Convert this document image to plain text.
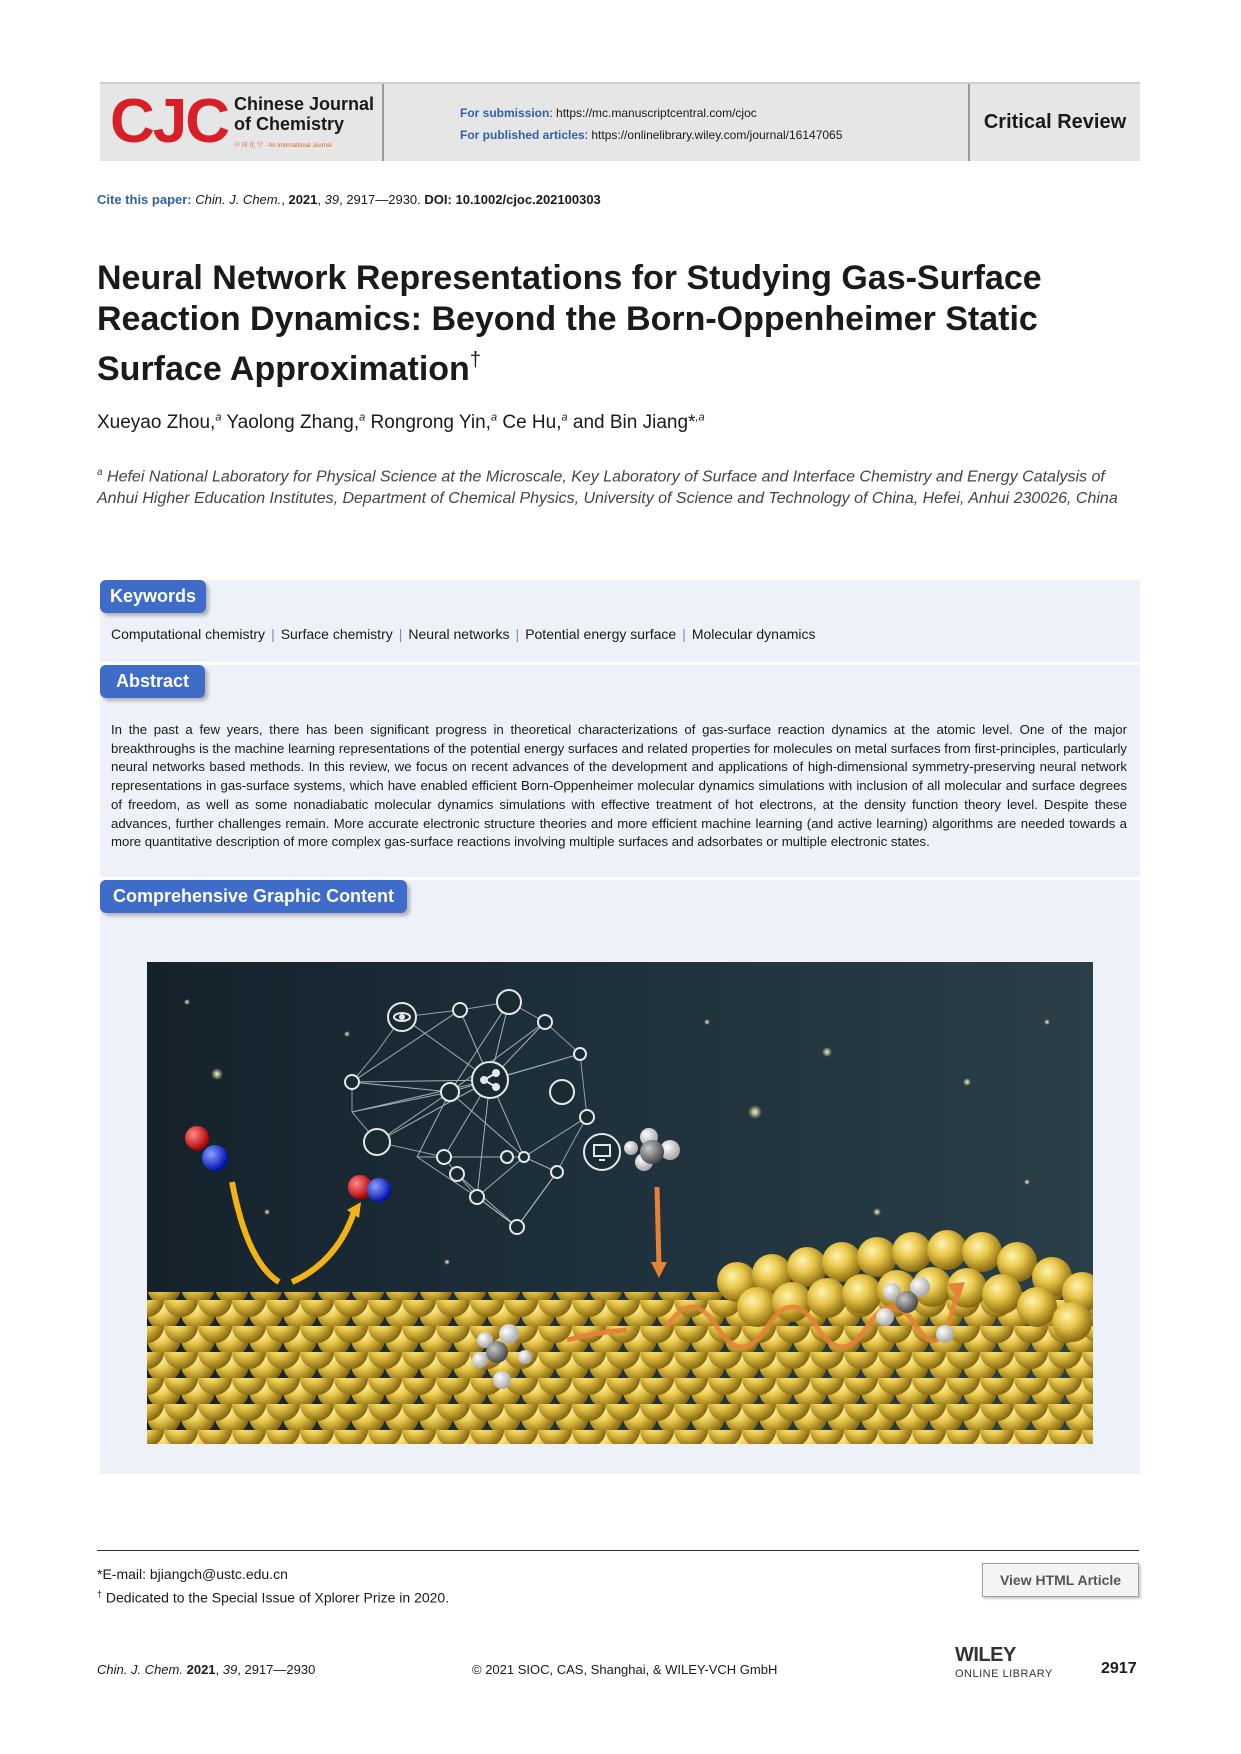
CJC Chinese Journal
of Chemistry
中 国 化 学 · An International Journal
For submission: https://mc.manuscriptcentral.com/cjoc
For published articles: https://onlinelibrary.wiley.com/journal/16147065
Critical Review
Cite this paper: Chin. J. Chem., 2021, 39, 2917—2930. DOI: 10.1002/cjoc.202100303
Neural Network Representations for Studying Gas-Surface
Reaction Dynamics: Beyond the Born-Oppenheimer Static
Surface Approximation†
Xueyao Zhou,$^a$ Yaolong Zhang,$^a$ Rongrong Yin,$^a$ Ce Hu,$^a$ and Bin Jiang*$^{,a}$
$^a$ Hefei National Laboratory for Physical Science at the Microscale, Key Laboratory of Surface and Interface Chemistry and Energy Catalysis of Anhui Higher Education Institutes, Department of Chemical Physics, University of Science and Technology of China, Hefei, Anhui 230026, China
Keywords
Computational chemistry | Surface chemistry | Neural networks | Potential energy surface | Molecular dynamics
Abstract
In the past a few years, there has been significant progress in theoretical characterizations of gas-surface reaction dynamics at the atomic level. One of the major breakthroughs is the machine learning representations of the potential energy surfaces and related properties for molecules on metal surfaces from first-principles, particularly neural networks based methods. In this review, we focus on recent advances of the development and applications of high-dimensional symmetry-preserving neural network representations in gas-surface systems, which have enabled efficient Born-Oppenheimer molecular dynamics simulations with inclusion of all molecular and surface degrees of freedom, as well as some nonadiabatic molecular dynamics simulations with effective treatment of hot electrons, at the density function theory level. Despite these advances, further challenges remain. More accurate electronic structure theories and more efficient machine learning (and active learning) algorithms are needed towards a more quantitative description of more complex gas-surface reactions involving multiple surfaces and adsorbates or multiple electronic states.
Comprehensive Graphic Content
*E-mail: bjiangch@ustc.edu.cn
† Dedicated to the Special Issue of Xplorer Prize in 2020.
View HTML Article
Chin. J. Chem. 2021, 39, 2917—2930	© 2021 SIOC, CAS, Shanghai, & WILEY-VCH GmbH
WILEY
ONLINE LIBRARY	2917
